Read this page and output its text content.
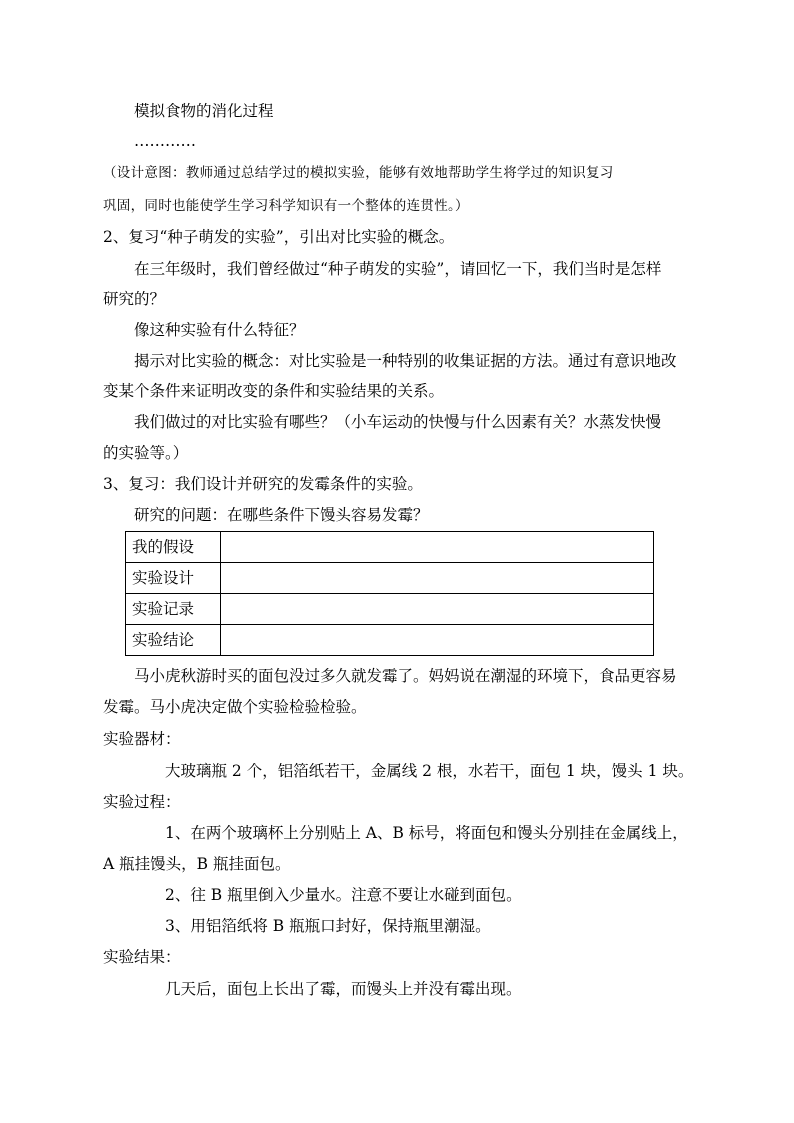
模拟食物的消化过程
…………
（设计意图：教师通过总结学过的模拟实验，能够有效地帮助学生将学过的知识复习
巩固，同时也能使学生学习科学知识有一个整体的连贯性。）
2、复习“种子萌发的实验”，引出对比实验的概念。
在三年级时，我们曾经做过“种子萌发的实验”，请回忆一下，我们当时是怎样
研究的？
像这种实验有什么特征？
揭示对比实验的概念：对比实验是一种特别的收集证据的方法。通过有意识地改
变某个条件来证明改变的条件和实验结果的关系。
我们做过的对比实验有哪些？（小车运动的快慢与什么因素有关？水蒸发快慢
的实验等。）
3、复习：我们设计并研究的发霉条件的实验。
研究的问题：在哪些条件下馒头容易发霉？
我的假设	
实验设计	
实验记录	
实验结论	
马小虎秋游时买的面包没过多久就发霉了。妈妈说在潮湿的环境下，食品更容易
发霉。马小虎决定做个实验检验检验。
实验器材：
大玻璃瓶 2 个，铝箔纸若干，金属线 2 根，水若干，面包 1 块，馒头 1 块。
实验过程：
1、在两个玻璃杯上分别贴上 A、B 标号，将面包和馒头分别挂在金属线上，
A 瓶挂馒头，B 瓶挂面包。
2、往 B 瓶里倒入少量水。注意不要让水碰到面包。
3、用铝箔纸将 B 瓶瓶口封好，保持瓶里潮湿。
实验结果：
几天后，面包上长出了霉，而馒头上并没有霉出现。
